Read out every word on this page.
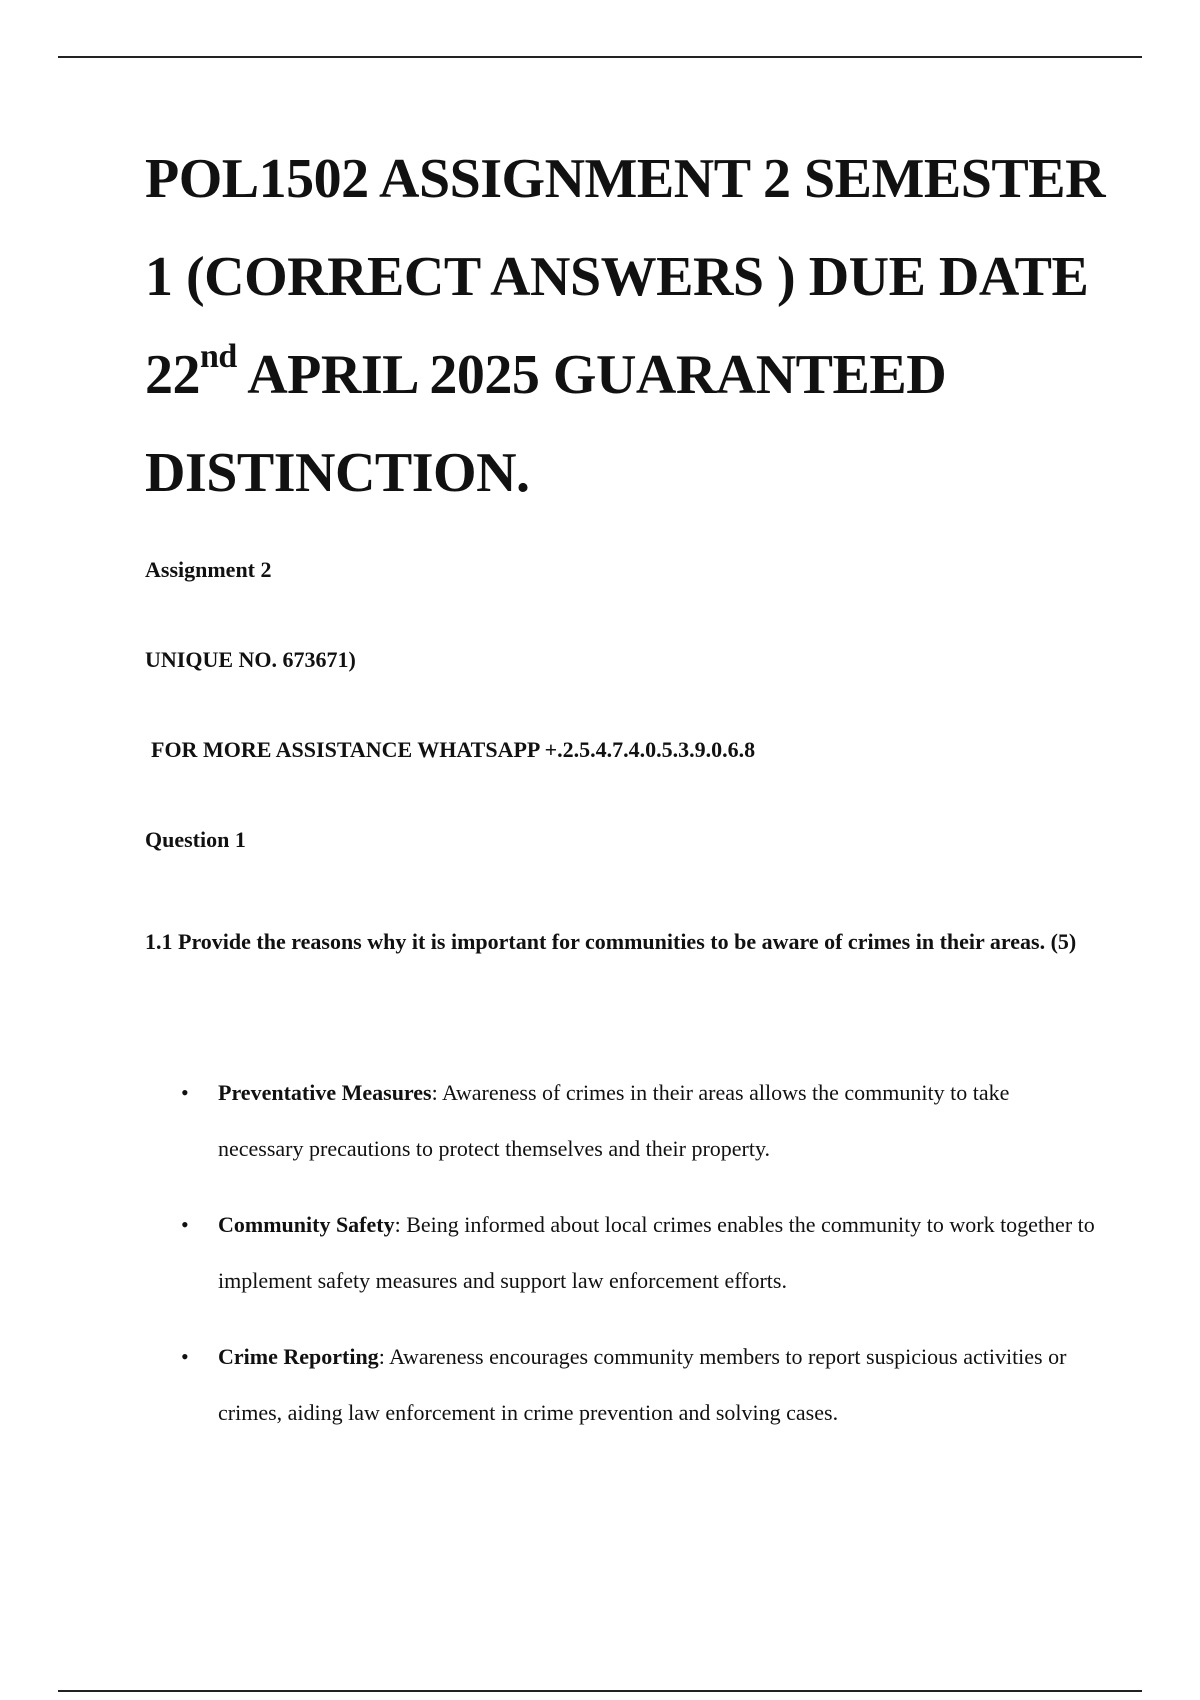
POL1502 ASSIGNMENT 2 SEMESTER 1 (CORRECT ANSWERS ) DUE DATE 22nd APRIL 2025 GUARANTEED DISTINCTION.

Assignment 2

UNIQUE NO. 673671)

FOR MORE ASSISTANCE WHATSAPP +.2.5.4.7.4.0.5.3.9.0.6.8

Question 1

1.1 Provide the reasons why it is important for communities to be aware of crimes in their areas. (5)

• Preventative Measures: Awareness of crimes in their areas allows the community to take necessary precautions to protect themselves and their property.
• Community Safety: Being informed about local crimes enables the community to work together to implement safety measures and support law enforcement efforts.
• Crime Reporting: Awareness encourages community members to report suspicious activities or crimes, aiding law enforcement in crime prevention and solving cases.
